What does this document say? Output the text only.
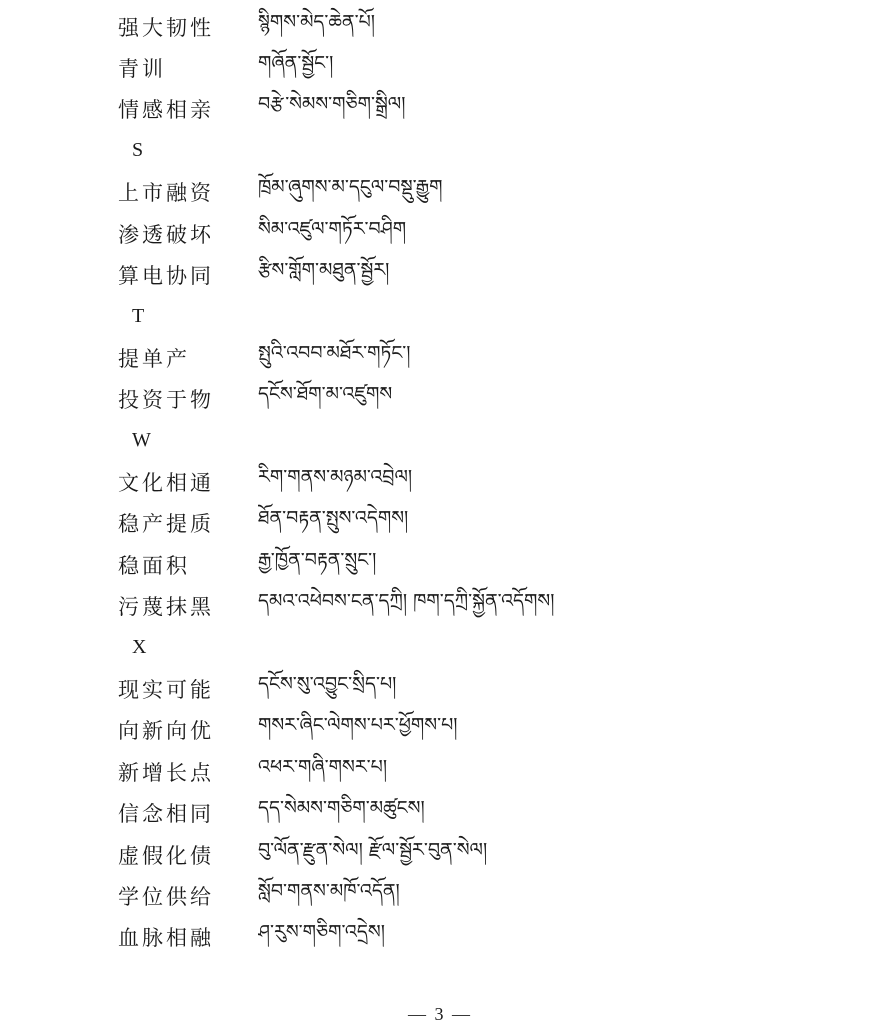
强大韧性	སྙིགས་མེད་ཆེན་པོ།
青训	གཞོན་སྦྱོང་།
情感相亲	བརྩེ་སེམས་གཅིག་སྒྲིལ།
S
上市融资	ཁྲོམ་ཞུགས་མ་དངུལ་བསྡུ་རྒྱུག
渗透破坏	སིམ་འཛུལ་གཏོར་བཤིག
算电协同	རྩིས་གློག་མཐུན་སྦྱོར།
T
提单产	སྤུའི་འབབ་མཐོར་གཏོང་།
投资于物	དངོས་ཐོག་མ་འཛུགས
W
文化相通	རིག་གནས་མཉམ་འབྲེལ།
稳产提质	ཐོན་བརྟན་སྤུས་འདེགས།
稳面积	རྒྱ་ཁྱོན་བརྟན་སྲུང་།
污蔑抹黑	དམའ་འཕེབས་ངན་དཀྲི། ཁག་དཀྲི་སྐྱོན་འདོགས།
X
现实可能	དངོས་སུ་འབྱུང་སྲིད་པ།
向新向优	གསར་ཞིང་ལེགས་པར་ཕྱོགས་པ།
新增长点	འཕར་གཞི་གསར་པ།
信念相同	དད་སེམས་གཅིག་མཚུངས།
虚假化债	བུ་ལོན་རྫུན་སེལ། རྫོལ་སྦྱོར་བུན་སེལ།
学位供给	སློབ་གནས་མཁོ་འདོན།
血脉相融	ཤ་རུས་གཅིག་འདྲེས།
— 3 —
